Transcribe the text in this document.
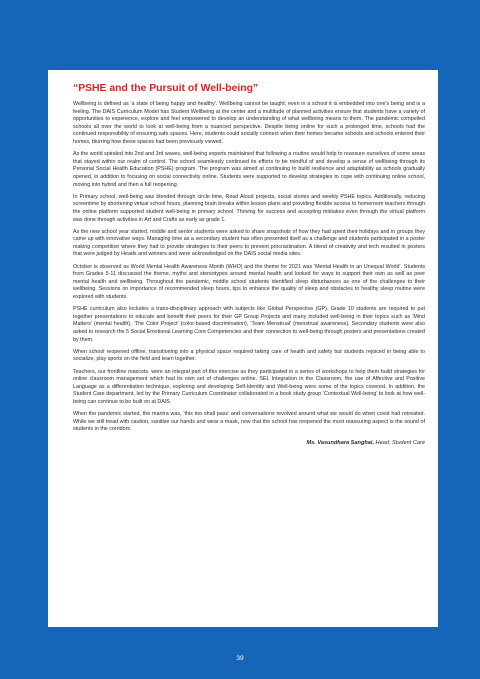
“PSHE and the Pursuit of Well-being”

Wellbeing is defined as ‘a state of being happy and healthy’. Wellbeing cannot be taught; even in a school it is embedded into one’s being and is a feeling. The DAIS Curriculum Model has Student Wellbeing at the center and a multitude of planned activities ensure that students have a variety of opportunities to experience, explore and feel empowered to develop an understanding of what wellbeing means to them. The pandemic compelled schools all over the world to look at well-being from a nuanced perspective. Despite being online for such a prolonged time, schools had the continued responsibility of ensuring safe spaces. Here, students could socially connect when their homes became schools and schools entered their homes, blurring how these spaces had been previously viewed.

As the world spiraled into 2nd and 3rd waves, well-being experts maintained that following a routine would help to reassure ourselves of some areas that stayed within our realm of control. The school seamlessly continued its efforts to be mindful of and develop a sense of wellbeing through its Personal Social Health Education (PSHE) program. The program was aimed at continuing to build resilience and adaptability as schools gradually opened, in addition to focusing on social connectivity online. Students were supported to develop strategies to cope with continuing online school, moving into hybrid and then a full reopening.

In Primary school, well-being was blended through circle time, Read Aloud projects, social stories and weekly PSHE topics. Additionally, reducing screentime by shortening virtual school hours, planning brain breaks within lesson plans and providing flexible access to homeroom teachers through the online platform supported student well-being in primary school. Thriving for success and accepting mistakes even through the virtual platform was done through activities in Art and Crafts as early as grade 1.

As the new school year started, middle and senior students were asked to share snapshots of how they had spent their holidays and in groups they came up with innovative ways. Managing time as a secondary student has often presented itself as a challenge and students participated in a poster making competition where they had to provide strategies to their peers to prevent procrastination. A blend of creativity and tech resulted in posters that were judged by Heads and winners and were acknowledged on the DAIS social media sites.

October is observed as World Mental Health Awareness Month (WHO) and the theme for 2021 was ‘Mental Health in an Unequal World’. Students from Grades 5-11 discussed the theme, myths and stereotypes around mental health and looked for ways to support their own as well as peer mental health and wellbeing. Throughout the pandemic, middle school students identified sleep disturbances as one of the challenges to their wellbeing. Sessions on importance of recommended sleep hours, tips to enhance the quality of sleep and obstacles to healthy sleep routine were explored with students.

PSHE curriculum also includes a trans-disciplinary approach with subjects like Global Perspective (GP). Grade 10 students are required to put together presentations to educate and benefit their peers for their GP Group Projects and many included well-being in their topics such as ‘Mind Matters’ (mental health), ‘The Color Project’ (color-based discrimination), ‘Team Menstrual’ (menstrual awareness). Secondary students were also asked to research the 5 Social Emotional Learning Core Competencies and their connection to well-being through posters and presentations created by them.

When school reopened offline, transitioning into a physical space required taking care of health and safety but students rejoiced in being able to socialize, play sports on the field and learn together.

Teachers, our frontline mascots, were an integral part of this exercise as they participated in a series of workshops to help them build strategies for online classroom management which had its own set of challenges online. SEL Integration in the Classroom, the use of Affective and Positive Language as a differentiation technique, exploring and developing Self-Identity and Well-being were some of the topics covered. In addition, the Student Care department, led by the Primary Curriculum Coordinator collaborated in a book study group ‘Contextual Well-being’ to look at how well-being can continue to be built on at DAIS.

When the pandemic started, the mantra was, ‘this too shall pass’ and conversations revolved around what we would do when covid had retreated. While we still tread with caution, sanitise our hands and wear a mask, now that the school has reopened the most reassuring aspect is the sound of students in the corridors.

Ms. Vasundhara Sanghai, Head, Student Care
39
